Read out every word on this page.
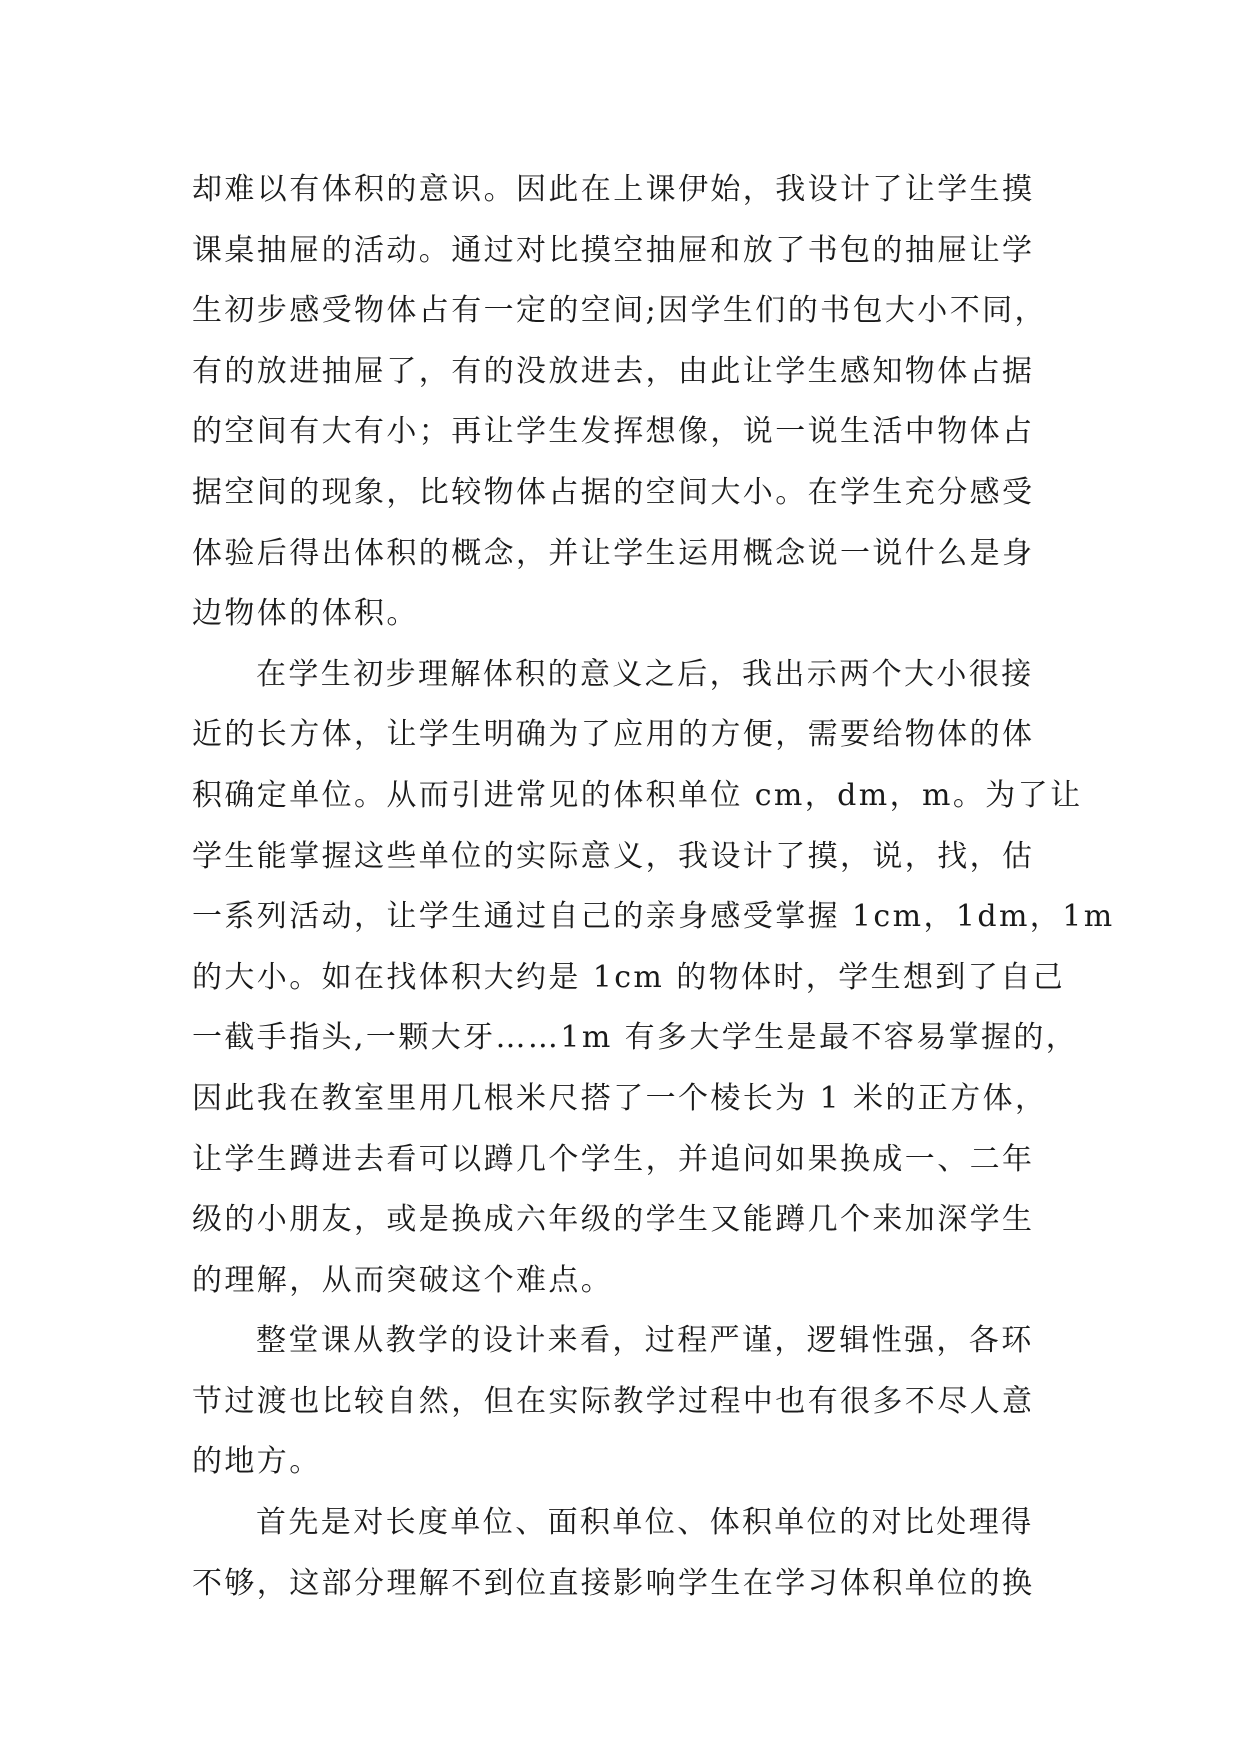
却难以有体积的意识。因此在上课伊始，我设计了让学生摸
课桌抽屉的活动。通过对比摸空抽屉和放了书包的抽屉让学
生初步感受物体占有一定的空间;因学生们的书包大小不同，
有的放进抽屉了，有的没放进去，由此让学生感知物体占据
的空间有大有小；再让学生发挥想像，说一说生活中物体占
据空间的现象，比较物体占据的空间大小。在学生充分感受
体验后得出体积的概念，并让学生运用概念说一说什么是身
边物体的体积。
在学生初步理解体积的意义之后，我出示两个大小很接
近的长方体，让学生明确为了应用的方便，需要给物体的体
积确定单位。从而引进常见的体积单位 cm，dm，m。为了让
学生能掌握这些单位的实际意义，我设计了摸，说，找，估
一系列活动，让学生通过自己的亲身感受掌握 1cm，1dm，1m
的大小。如在找体积大约是 1cm 的物体时，学生想到了自己
一截手指头,一颗大牙……1m 有多大学生是最不容易掌握的，
因此我在教室里用几根米尺搭了一个棱长为 1 米的正方体，
让学生蹲进去看可以蹲几个学生，并追问如果换成一、二年
级的小朋友，或是换成六年级的学生又能蹲几个来加深学生
的理解，从而突破这个难点。
整堂课从教学的设计来看，过程严谨，逻辑性强，各环
节过渡也比较自然，但在实际教学过程中也有很多不尽人意
的地方。
首先是对长度单位、面积单位、体积单位的对比处理得
不够，这部分理解不到位直接影响学生在学习体积单位的换
